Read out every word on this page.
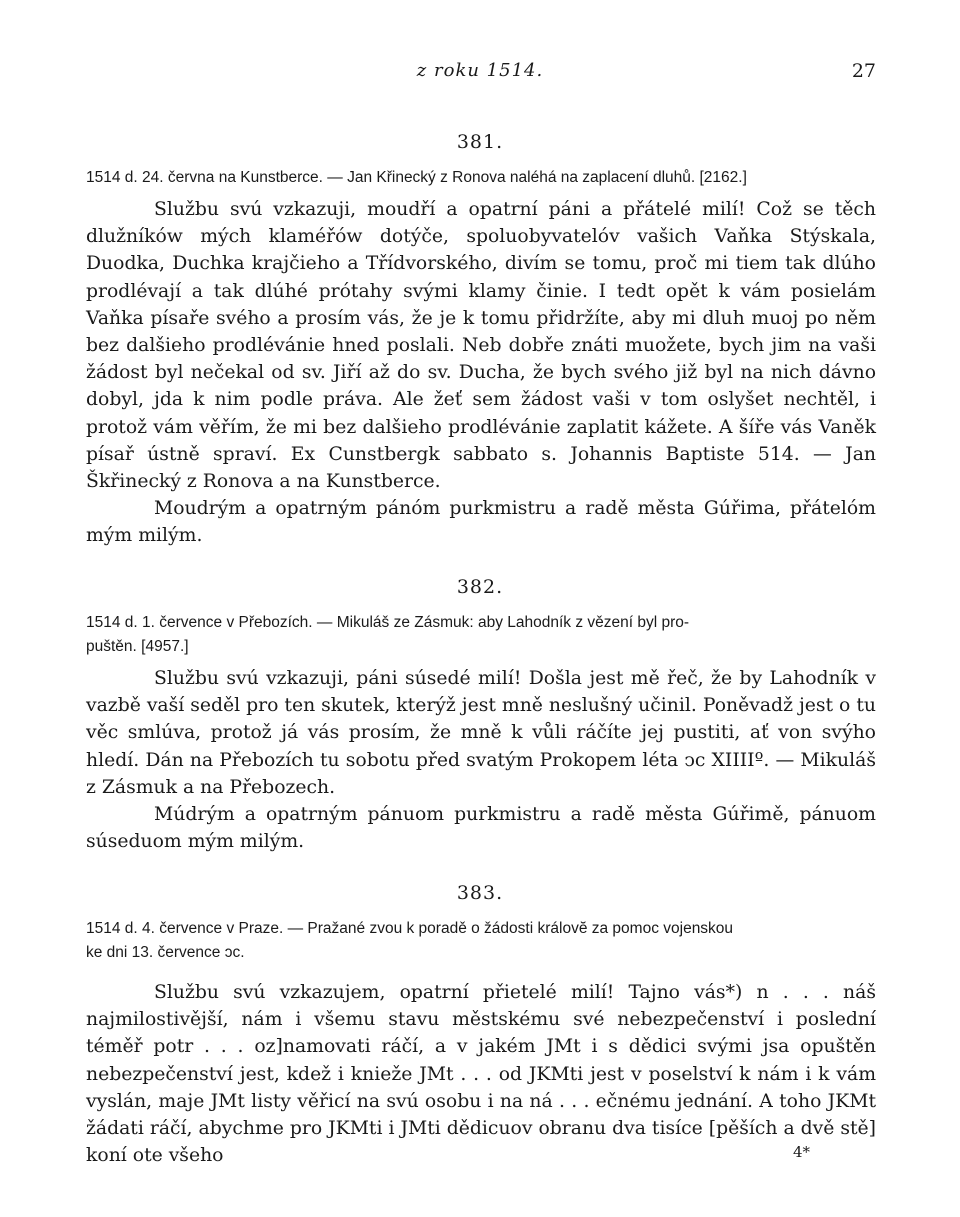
z roku 1514.	27
381.
1514 d. 24. června na Kunstberce. — Jan Křinecký z Ronova naléhá na zaplacení dluhů. [2162.]
Službu svú vzkazuji, moudří a opatrní páni a přátelé milí! Což se těch dlužníków mých klaméřów dotýče, spoluobyvatelóv vašich Vaňka Stýskala, Duodka, Duchka krajčieho a Třídvorského, divím se tomu, proč mi tiem tak dlúho prodlévají a tak dlúhé prótahy svými klamy činie. I tedt opět k vám posielám Vaňka písaře svého a prosím vás, že je k tomu přidržíte, aby mi dluh muoj po něm bez dalšieho prodlévánie hned poslali. Neb dobře znáti muožete, bych jim na vaši žádost byl nečekal od sv. Jiří až do sv. Ducha, že bych svého již byl na nich dávno dobyl, jda k nim podle práva. Ale žeť sem žádost vaši v tom oslyšet nechtěl, i protož vám věřím, že mi bez dalšieho prodlévánie zaplatit kážete. A šíře vás Vaněk písař ústně spraví. Ex Cunstbergk sabbato s. Johannis Baptiste 514. — Jan Škřinecký z Ronova a na Kunstberce.
Moudrým a opatrným pánóm purkmistru a radě města Gúřima, přátelóm mým milým.
382.
1514 d. 1. července v Přebozích. — Mikuláš ze Zásmuk: aby Lahodník z vězení byl pro-
puštěn. [4957.]
Službu svú vzkazuji, páni súsedé milí! Došla jest mě řeč, že by Lahodník v vazbě vaší seděl pro ten skutek, kterýž jest mně neslušný učinil. Poněvadž jest o tu věc smlúva, protož já vás prosím, že mně k vůli ráčíte jej pustiti, ať von svýho hledí. Dán na Přebozích tu sobotu před svatým Prokopem léta ↄc XIIIIº. — Mikuláš z Zásmuk a na Přebozech.
Múdrým a opatrným pánuom purkmistru a radě města Gúřimě, pánuom súseduom mým milým.
383.
1514 d. 4. července v Praze. — Pražané zvou k poradě o žádosti královĕ za pomoc vojenskou
ke dni 13. července ↄc.
Službu svú vzkazujem, opatrní přietelé milí! Tajno vás*) n . . . náš najmilostivější, nám i všemu stavu městskému své nebezpečenství i poslední téměř potr . . . oz]namovati ráčí, a v jakém JMt i s dědici svými jsa opuštěn nebezpečenství jest, kdež i knieže JMt . . . od JKMti jest v poselství k nám i k vám vyslán, maje JMt listy věřicí na svú osobu i na ná . . . ečnému jednání. A toho JKMt žádati ráčí, abychme pro JKMti i JMti dědicuov obranu dva tisíce [pěších a dvě stě] koní ote všeho	4*
